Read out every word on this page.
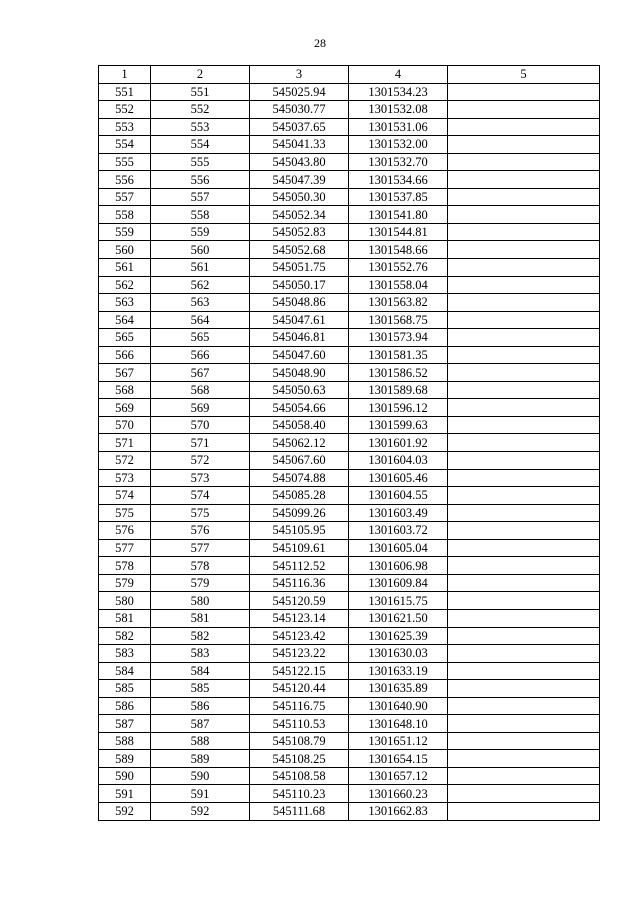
28
1	2	3	4	5
551	551	545025.94	1301534.23	
552	552	545030.77	1301532.08	
553	553	545037.65	1301531.06	
554	554	545041.33	1301532.00	
555	555	545043.80	1301532.70	
556	556	545047.39	1301534.66	
557	557	545050.30	1301537.85	
558	558	545052.34	1301541.80	
559	559	545052.83	1301544.81	
560	560	545052.68	1301548.66	
561	561	545051.75	1301552.76	
562	562	545050.17	1301558.04	
563	563	545048.86	1301563.82	
564	564	545047.61	1301568.75	
565	565	545046.81	1301573.94	
566	566	545047.60	1301581.35	
567	567	545048.90	1301586.52	
568	568	545050.63	1301589.68	
569	569	545054.66	1301596.12	
570	570	545058.40	1301599.63	
571	571	545062.12	1301601.92	
572	572	545067.60	1301604.03	
573	573	545074.88	1301605.46	
574	574	545085.28	1301604.55	
575	575	545099.26	1301603.49	
576	576	545105.95	1301603.72	
577	577	545109.61	1301605.04	
578	578	545112.52	1301606.98	
579	579	545116.36	1301609.84	
580	580	545120.59	1301615.75	
581	581	545123.14	1301621.50	
582	582	545123.42	1301625.39	
583	583	545123.22	1301630.03	
584	584	545122.15	1301633.19	
585	585	545120.44	1301635.89	
586	586	545116.75	1301640.90	
587	587	545110.53	1301648.10	
588	588	545108.79	1301651.12	
589	589	545108.25	1301654.15	
590	590	545108.58	1301657.12	
591	591	545110.23	1301660.23	
592	592	545111.68	1301662.83	
